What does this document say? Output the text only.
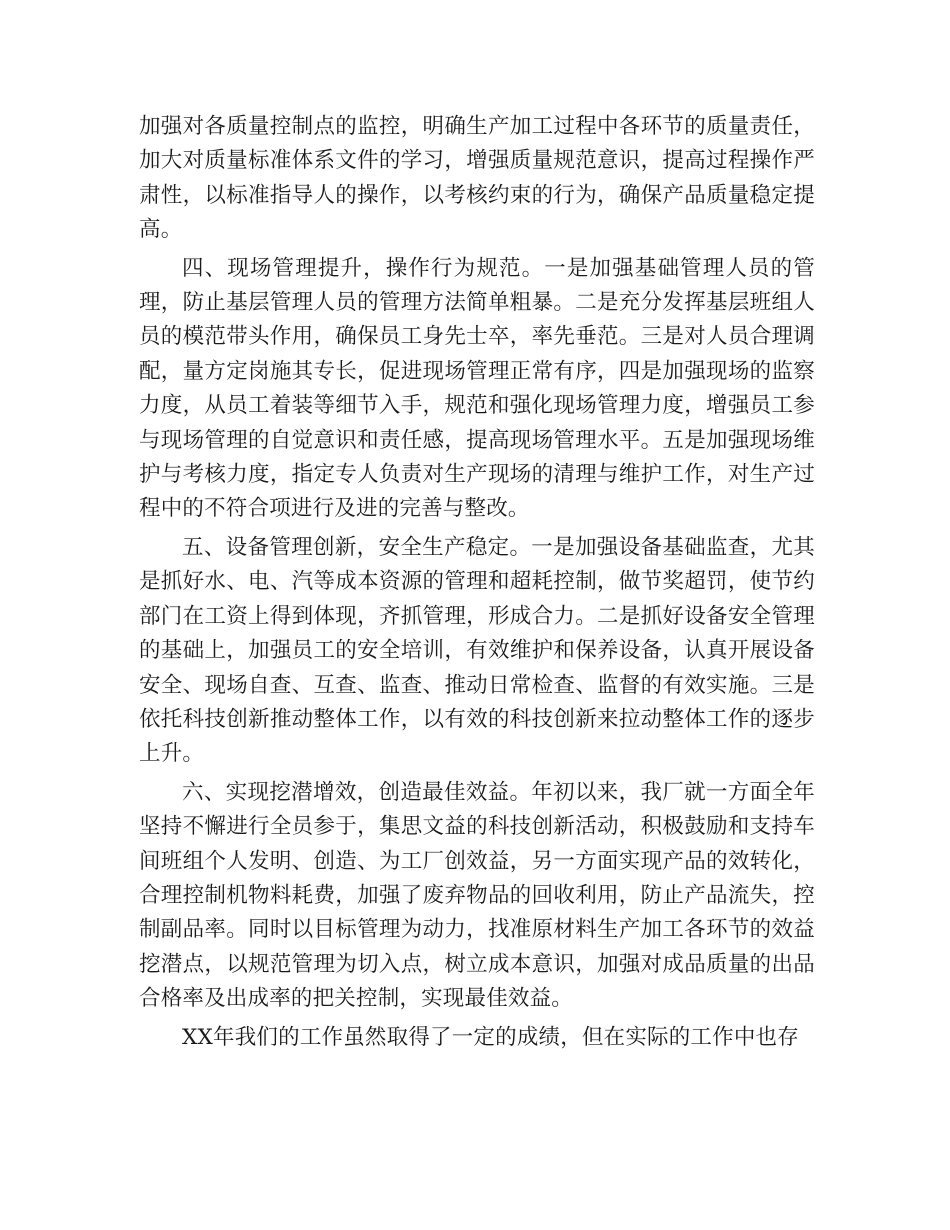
加强对各质量控制点的监控，明确生产加工过程中各环节的质量责任，加大对质量标准体系文件的学习，增强质量规范意识，提高过程操作严肃性，以标准指导人的操作，以考核约束的行为，确保产品质量稳定提高。

四、现场管理提升，操作行为规范。一是加强基础管理人员的管理，防止基层管理人员的管理方法简单粗暴。二是充分发挥基层班组人员的模范带头作用，确保员工身先士卒，率先垂范。三是对人员合理调配，量方定岗施其专长，促进现场管理正常有序，四是加强现场的监察力度，从员工着装等细节入手，规范和强化现场管理力度，增强员工参与现场管理的自觉意识和责任感，提高现场管理水平。五是加强现场维护与考核力度，指定专人负责对生产现场的清理与维护工作，对生产过程中的不符合项进行及进的完善与整改。

五、设备管理创新，安全生产稳定。一是加强设备基础监查，尤其是抓好水、电、汽等成本资源的管理和超耗控制，做节奖超罚，使节约部门在工资上得到体现，齐抓管理，形成合力。二是抓好设备安全管理的基础上，加强员工的安全培训，有效维护和保养设备，认真开展设备安全、现场自查、互查、监查、推动日常检查、监督的有效实施。三是依托科技创新推动整体工作，以有效的科技创新来拉动整体工作的逐步上升。

六、实现挖潜增效，创造最佳效益。年初以来，我厂就一方面全年坚持不懈进行全员参于，集思文益的科技创新活动，积极鼓励和支持车间班组个人发明、创造、为工厂创效益，另一方面实现产品的效转化，合理控制机物料耗费，加强了废弃物品的回收利用，防止产品流失，控制副品率。同时以目标管理为动力，找准原材料生产加工各环节的效益挖潜点，以规范管理为切入点，树立成本意识，加强对成品质量的出品合格率及出成率的把关控制，实现最佳效益。

XX年我们的工作虽然取得了一定的成绩，但在实际的工作中也存
